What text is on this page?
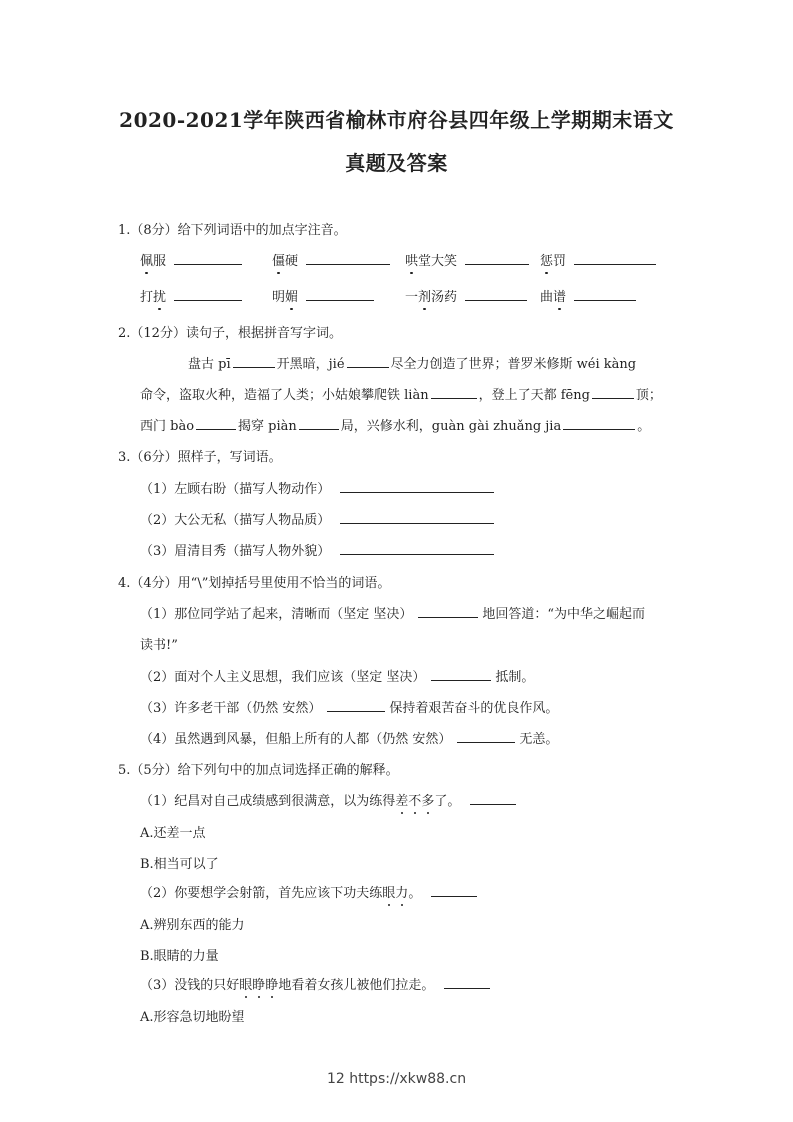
2020-2021学年陕西省榆林市府谷县四年级上学期期末语文
真题及答案
1.（8分）给下列词语中的加点字注音。
佩服	僵硬	哄堂大笑	惩罚
打扰	明媚	一剂汤药	曲谱
2.（12分）读句子，根据拼音写字词。
盘古 pī	开黑暗，jié	尽全力创造了世界；普罗米修斯 wéi kàng
命令，盗取火种，造福了人类；小姑娘攀爬铁 liàn	，登上了天都 fēng	顶；
西门 bào	揭穿 piàn	局，兴修水利，guàn gài zhuǎng jia	。
3.（6分）照样子，写词语。
（1）左顾右盼（描写人物动作）
（2）大公无私（描写人物品质）
（3）眉清目秀（描写人物外貌）
4.（4分）用“\”划掉括号里使用不恰当的词语。
（1）那位同学站了起来，清晰而（坚定 坚决）	地回答道：“为中华之崛起而
读书!”
（2）面对个人主义思想，我们应该（坚定 坚决）	抵制。
（3）许多老干部（仍然 安然）	保持着艰苦奋斗的优良作风。
（4）虽然遇到风暴，但船上所有的人都（仍然 安然）	无恙。
5.（5分）给下列句中的加点词选择正确的解释。
（1）纪昌对自己成绩感到很满意，以为练得差不多了。
A.还差一点
B.相当可以了
（2）你要想学会射箭，首先应该下功夫练眼力。
A.辨别东西的能力
B.眼睛的力量
（3）没钱的只好眼睁睁地看着女孩儿被他们拉走。
A.形容急切地盼望
12 https://xkw88.cn
